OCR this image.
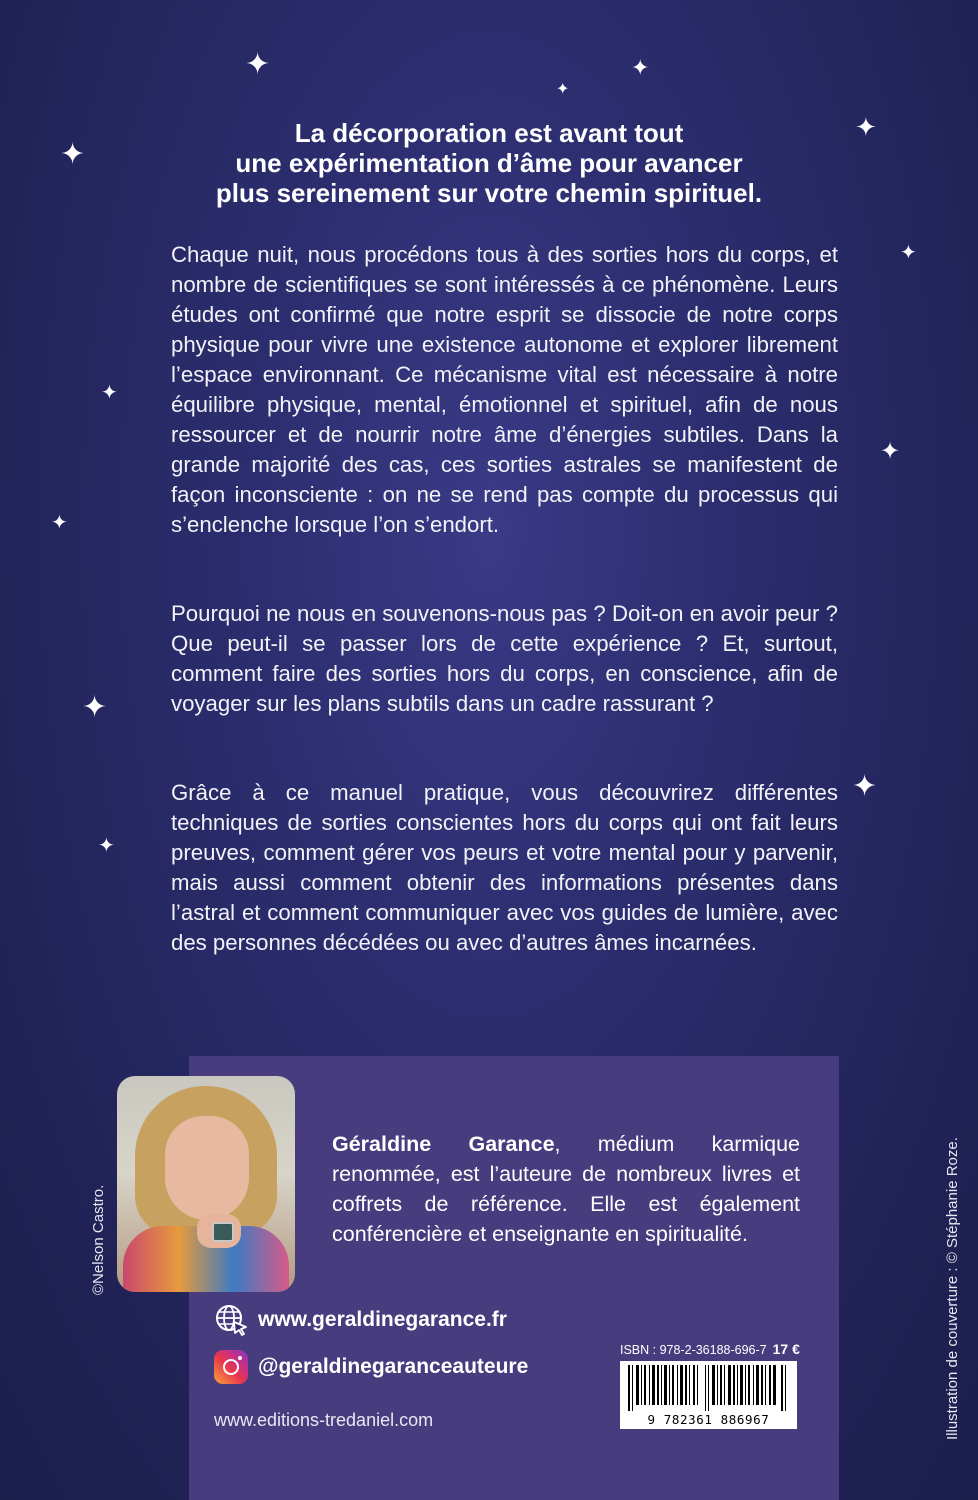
✦	✦
✦
✦
✦
✦
✦
✦
✦
✦
✦
✦
La décorporation est avant tout
une expérimentation d’âme pour avancer
plus sereinement sur votre chemin spirituel.

Chaque nuit, nous procédons tous à des sorties hors du corps, et nombre de scientifiques se sont intéressés à ce phénomène. Leurs études ont confirmé que notre esprit se dissocie de notre corps physique pour vivre une existence autonome et explorer librement l’espace environnant. Ce mécanisme vital est nécessaire à notre équilibre physique, mental, émotionnel et spirituel, afin de nous ressourcer et de nourrir notre âme d’énergies subtiles. Dans la grande majorité des cas, ces sorties astrales se manifestent de façon inconsciente : on ne se rend pas compte du processus qui s’enclenche lorsque l’on s’endort.

Pourquoi ne nous en souvenons-nous pas ? Doit-on en avoir peur ? Que peut-il se passer lors de cette expérience ? Et, surtout, comment faire des sorties hors du corps, en conscience, afin de voyager sur les plans subtils dans un cadre rassurant ?

Grâce à ce manuel pratique, vous découvrirez différentes techniques de sorties conscientes hors du corps qui ont fait leurs preuves, comment gérer vos peurs et votre mental pour y parvenir, mais aussi comment obtenir des informations présentes dans l’astral et comment communiquer avec vos guides de lumière, avec des personnes décédées ou avec d’autres âmes incarnées.

©Nelson Castro.	Illustration de couverture : © Stéphanie Roze.

Géraldine Garance, médium karmique renommée, est l’auteure de nombreux livres et coffrets de référence. Elle est également conférencière et enseignante en spiritualité.

www.geraldinegarance.fr
@geraldinegaranceauteure
www.editions-tredaniel.com
ISBN : 978-2-36188-696-7 17 €
9 782361 886967
